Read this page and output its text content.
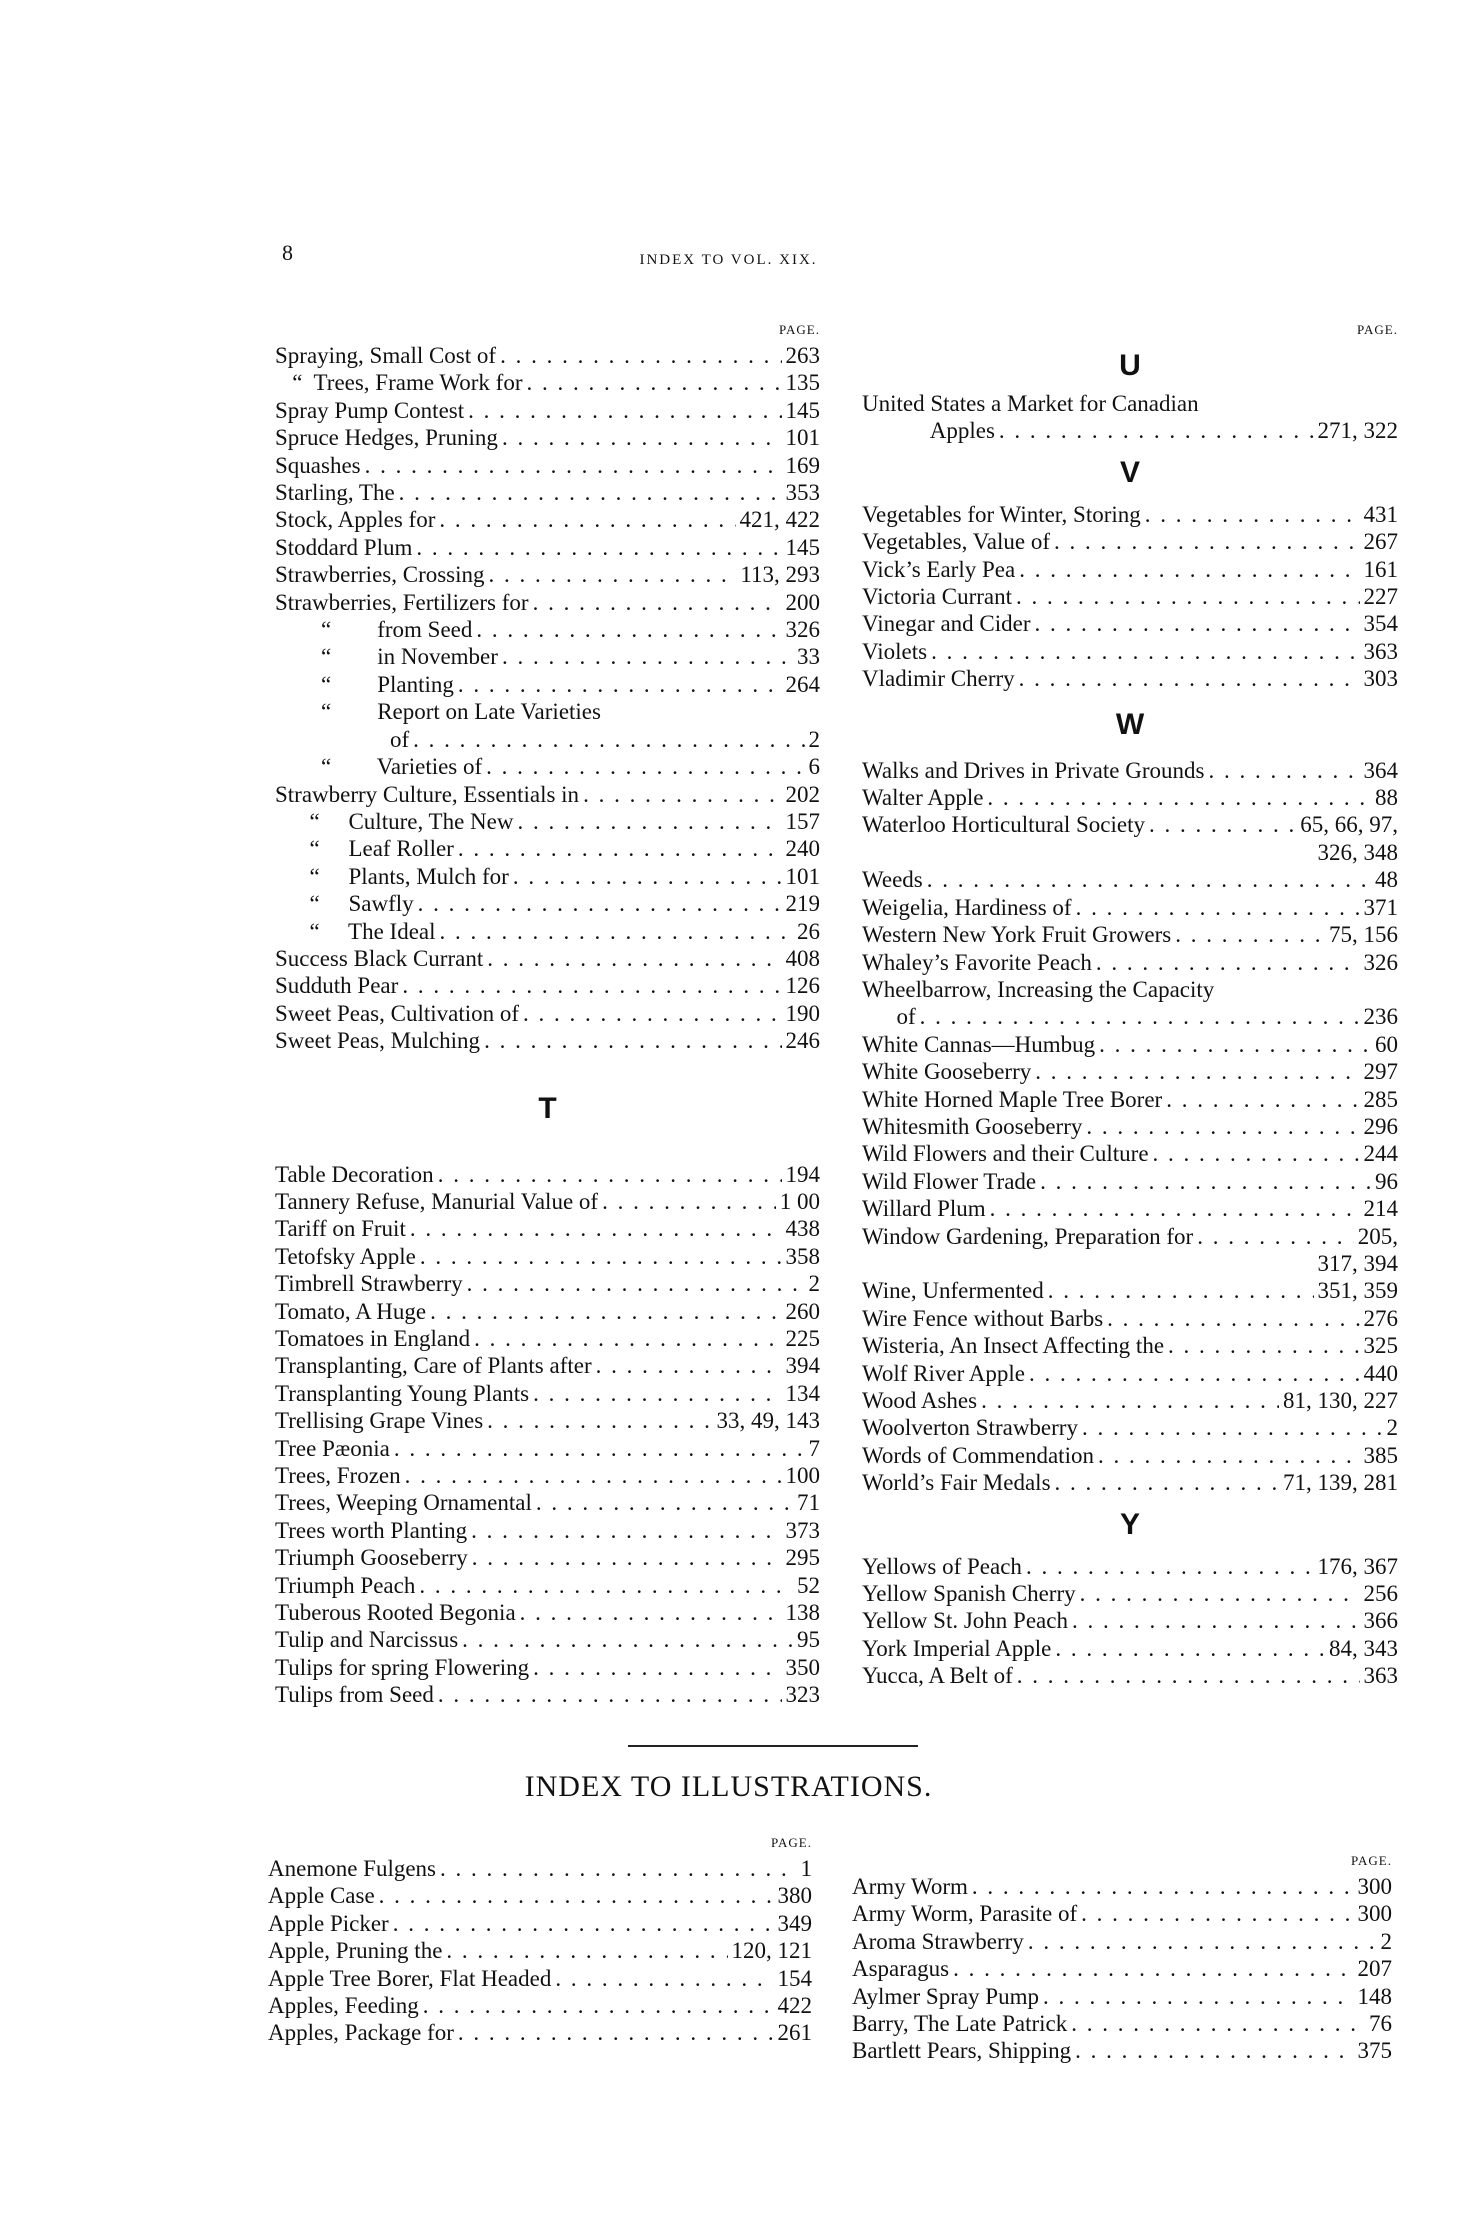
8	INDEX TO VOL. XIX.
PAGE.
Spraying, Small Cost of . . .	263
“  Trees, Frame Work for . . .	135
Spray Pump Contest . . .	145
Spruce Hedges, Pruning . . .	101
Squashes . . .	169
Starling, The . . .	353
Stock, Apples for . . .	421, 422
Stoddard Plum . . .	145
Strawberries, Crossing . . .	113, 293
Strawberries, Fertilizers for . . .	200
“        from Seed . . .	326
“        in November . . .	33
“        Planting . . .	264
“        Report on Late Varieties
of . . .	2
“        Varieties of . . .	6
Strawberry Culture, Essentials in . . .	202
“     Culture, The New . . .	157
“     Leaf Roller . . .	240
“     Plants, Mulch for . . .	101
“     Sawfly . . .	219
“     The Ideal . . .	26
Success Black Currant . . .	408
Sudduth Pear . . .	126
Sweet Peas, Cultivation of . . .	190
Sweet Peas, Mulching . . .	246
T
Table Decoration . . .	194
Tannery Refuse, Manurial Value of . . .	1 00
Tariff on Fruit . . .	438
Tetofsky Apple . . .	358
Timbrell Strawberry . . .	2
Tomato, A Huge . . .	260
Tomatoes in England . . .	225
Transplanting, Care of Plants after . . .	394
Transplanting Young Plants . . .	134
Trellising Grape Vines . . .	33, 49, 143
Tree Pæonia . . .	7
Trees, Frozen . . .	100
Trees, Weeping Ornamental . . .	71
Trees worth Planting . . .	373
Triumph Gooseberry . . .	295
Triumph Peach . . .	52
Tuberous Rooted Begonia . . .	138
Tulip and Narcissus . . .	95
Tulips for spring Flowering . . .	350
Tulips from Seed . . .	323
PAGE.
U
United States a Market for Canadian
Apples . . .	271, 322
V
Vegetables for Winter, Storing . . .	431
Vegetables, Value of . . .	267
Vick’s Early Pea . . .	161
Victoria Currant . . .	227
Vinegar and Cider . . .	354
Violets . . .	363
Vladimir Cherry . . .	303
W
Walks and Drives in Private Grounds . . .	364
Walter Apple . . .	88
Waterloo Horticultural Society . . .	65, 66, 97,
326, 348
Weeds . . .	48
Weigelia, Hardiness of . . .	371
Western New York Fruit Growers . . .	75, 156
Whaley’s Favorite Peach . . .	326
Wheelbarrow, Increasing the Capacity
of . . .	236
White Cannas—Humbug . . .	60
White Gooseberry . . .	297
White Horned Maple Tree Borer . . .	285
Whitesmith Gooseberry . . .	296
Wild Flowers and their Culture . . .	244
Wild Flower Trade . . .	96
Willard Plum . . .	214
Window Gardening, Preparation for . . .	205,
317, 394
Wine, Unfermented . . .	351, 359
Wire Fence without Barbs . . .	276
Wisteria, An Insect Affecting the . . .	325
Wolf River Apple . . .	440
Wood Ashes . . .	81, 130, 227
Woolverton Strawberry . . .	2
Words of Commendation . . .	385
World’s Fair Medals . . .	71, 139, 281
Y
Yellows of Peach . . .	176, 367
Yellow Spanish Cherry . . .	256
Yellow St. John Peach . . .	366
York Imperial Apple . . .	84, 343
Yucca, A Belt of . . .	363
INDEX TO ILLUSTRATIONS.
PAGE.
Anemone Fulgens . . .	1
Apple Case . . .	380
Apple Picker . . .	349
Apple, Pruning the . . .	120, 121
Apple Tree Borer, Flat Headed . . .	154
Apples, Feeding . . .	422
Apples, Package for . . .	261
PAGE.
Army Worm . . .	300
Army Worm, Parasite of . . .	300
Aroma Strawberry . . .	2
Asparagus . . .	207
Aylmer Spray Pump . . .	148
Barry, The Late Patrick . . .	76
Bartlett Pears, Shipping . . .	375
